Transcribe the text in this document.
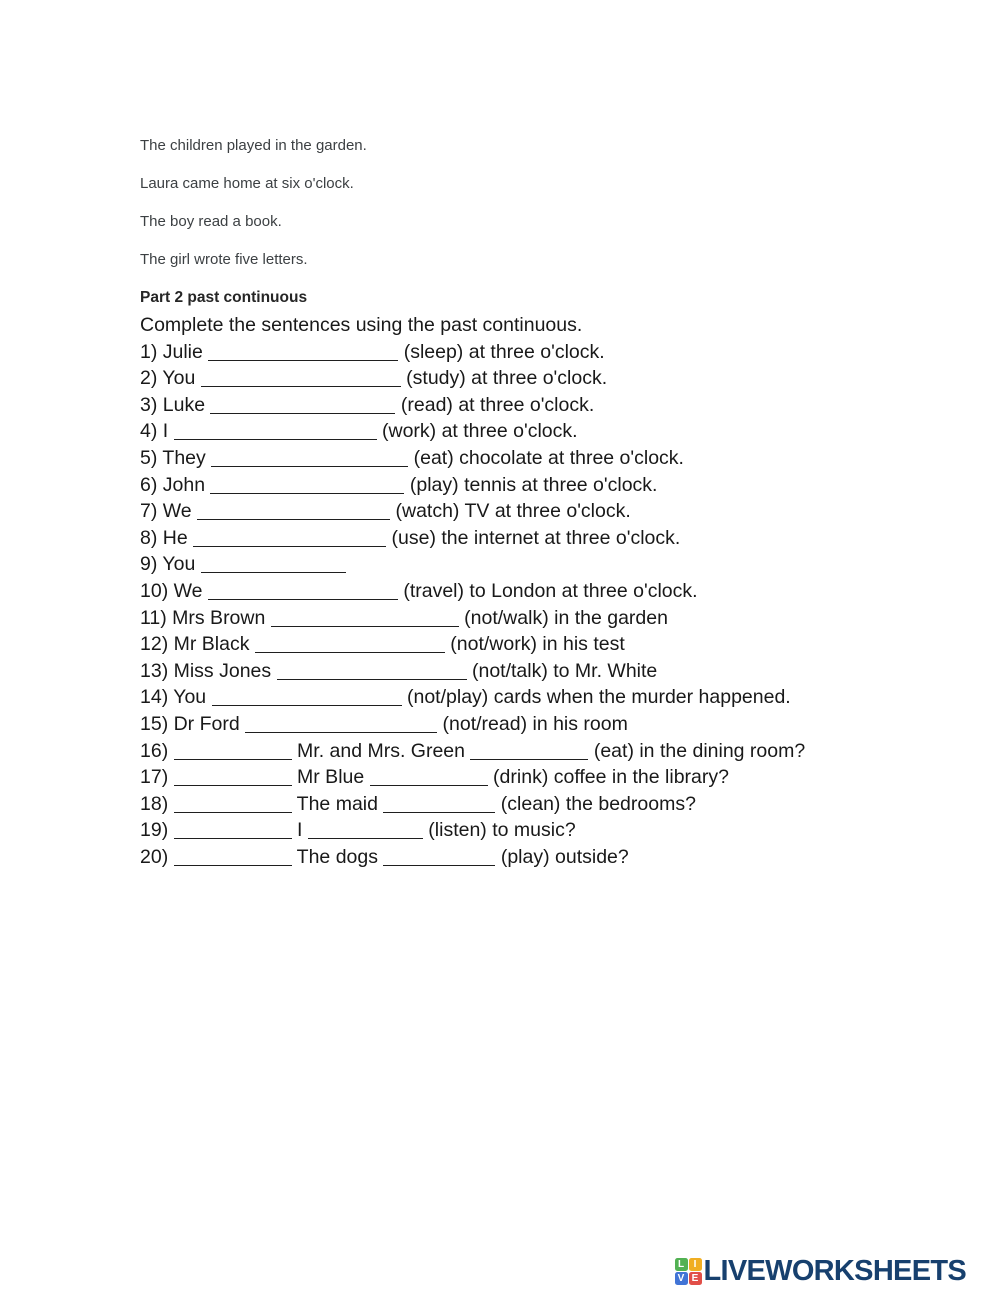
The children played in the garden.

Laura came home at six o'clock.

The boy read a book.

The girl wrote five letters.

Part 2 past continuous
Complete the sentences using the past continuous.
1) Julie	(sleep) at three o'clock.
2) You	(study) at three o'clock.
3) Luke	(read) at three o'clock.
4) I	(work) at three o'clock.
5) They	(eat) chocolate at three o'clock.
6) John	(play) tennis at three o'clock.
7) We	(watch) TV at three o'clock.
8) He	(use) the internet at three o'clock.
9) You
10) We	(travel) to London at three o'clock.
11) Mrs Brown	(not/walk) in the garden
12) Mr Black	(not/work) in his test
13) Miss Jones	(not/talk) to Mr. White
14) You	(not/play) cards when the murder happened.
15) Dr Ford	(not/read) in his room
16)	Mr. and Mrs. Green	(eat) in the dining room?
17)	Mr Blue	(drink) coffee in the library?
18)	The maid	(clean) the bedrooms?
19)	I	(listen) to music?
20)	The dogs	(play) outside?
L I
V E LIVEWORKSHEETS
